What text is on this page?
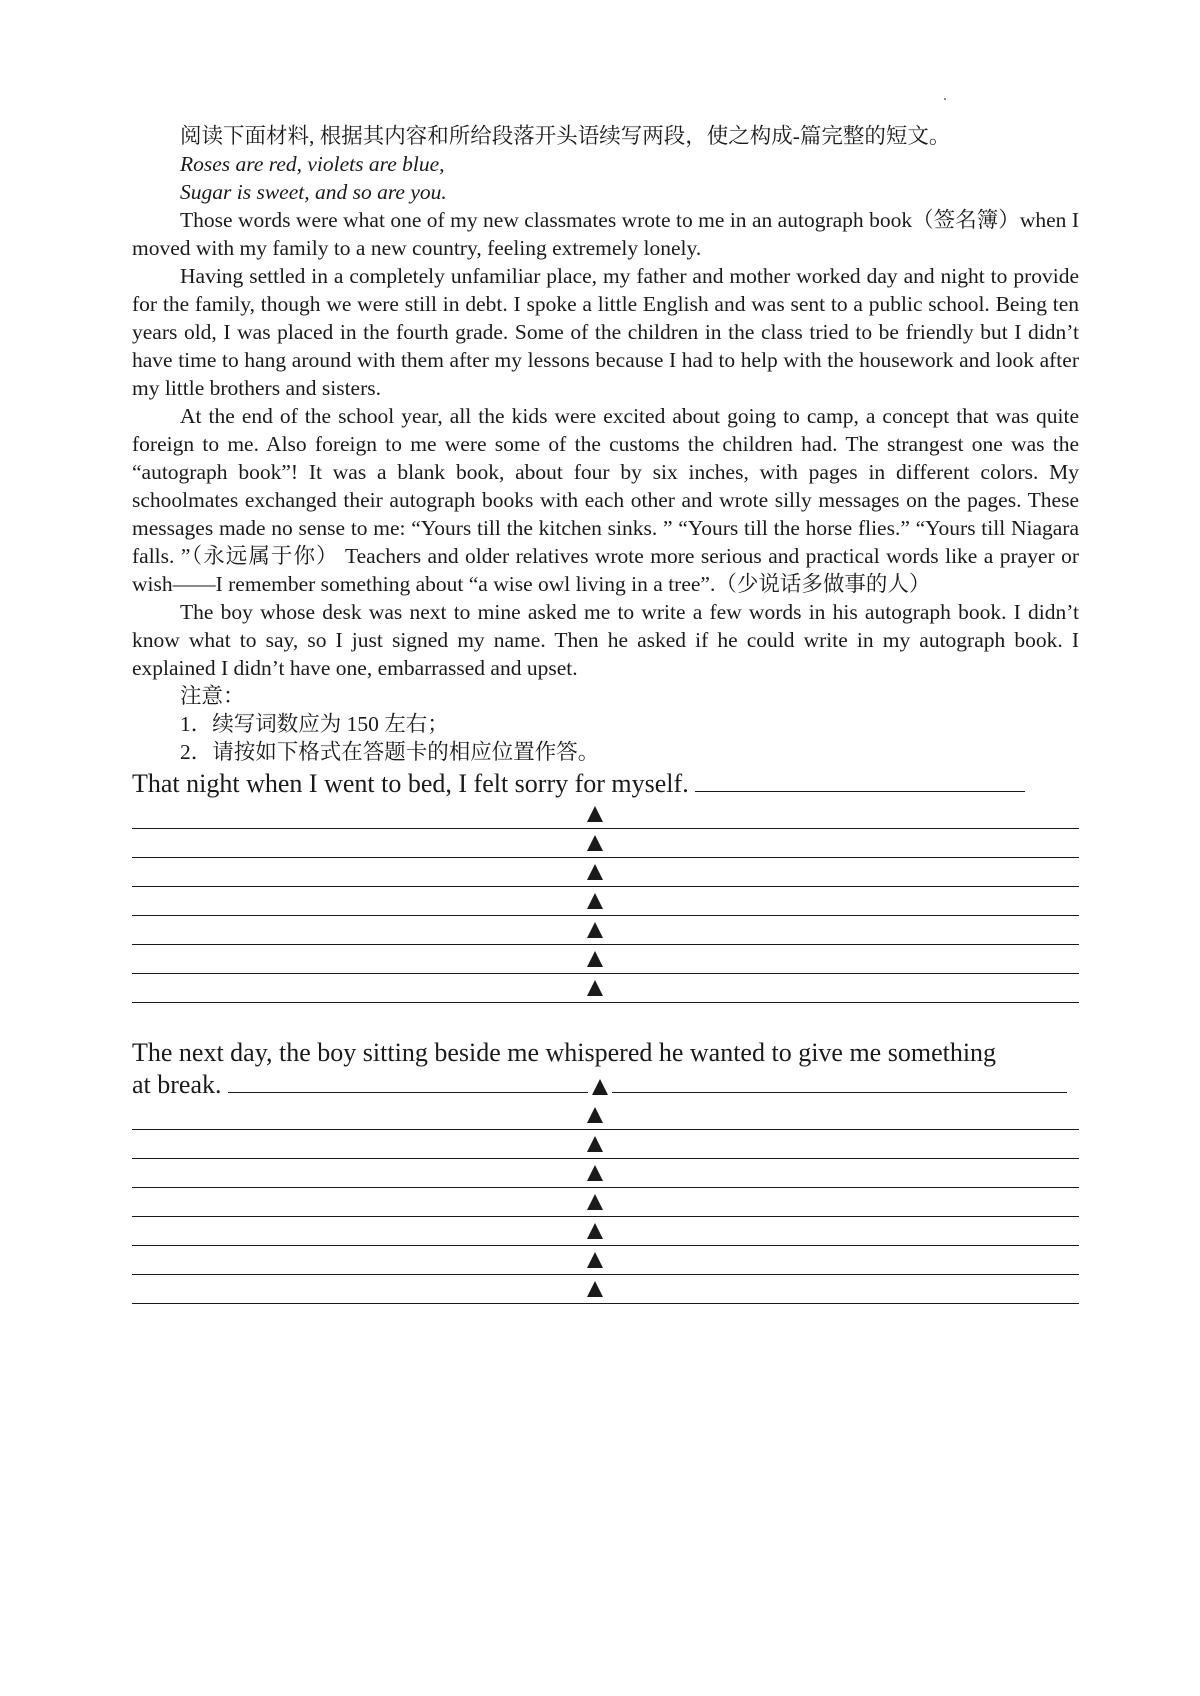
阅读下面材料, 根据其内容和所给段落开头语续写两段，使之构成-篇完整的短文。

Roses are red, violets are blue,

Sugar is sweet, and so are you.

Those words were what one of my new classmates wrote to me in an autograph book（签名簿）when I moved with my family to a new country, feeling extremely lonely.

Having settled in a completely unfamiliar place, my father and mother worked day and night to provide for the family, though we were still in debt. I spoke a little English and was sent to a public school. Being ten years old, I was placed in the fourth grade. Some of the children in the class tried to be friendly but I didn’t have time to hang around with them after my lessons because I had to help with the housework and look after my little brothers and sisters.

At the end of the school year, all the kids were excited about going to camp, a concept that was quite foreign to me. Also foreign to me were some of the customs the children had. The strangest one was the “autograph book”! It was a blank book, about four by six inches, with pages in different colors. My schoolmates exchanged their autograph books with each other and wrote silly messages on the pages. These messages made no sense to me: “Yours till the kitchen sinks. ” “Yours till the horse flies.” “Yours till Niagara falls. ”（永远属于你） Teachers and older relatives wrote more serious and practical words like a prayer or wish——I remember something about “a wise owl living in a tree”.（少说话多做事的人）

The boy whose desk was next to mine asked me to write a few words in his autograph book. I didn’t know what to say, so I just signed my name. Then he asked if he could write in my autograph book. I explained I didn’t have one, embarrassed and upset.

注意：

1．续写词数应为 150 左右；

2．请按如下格式在答题卡的相应位置作答。

That night when I went to bed, I felt sorry for myself.
The next day, the boy sitting beside me whispered he wanted to give me something
at break.
